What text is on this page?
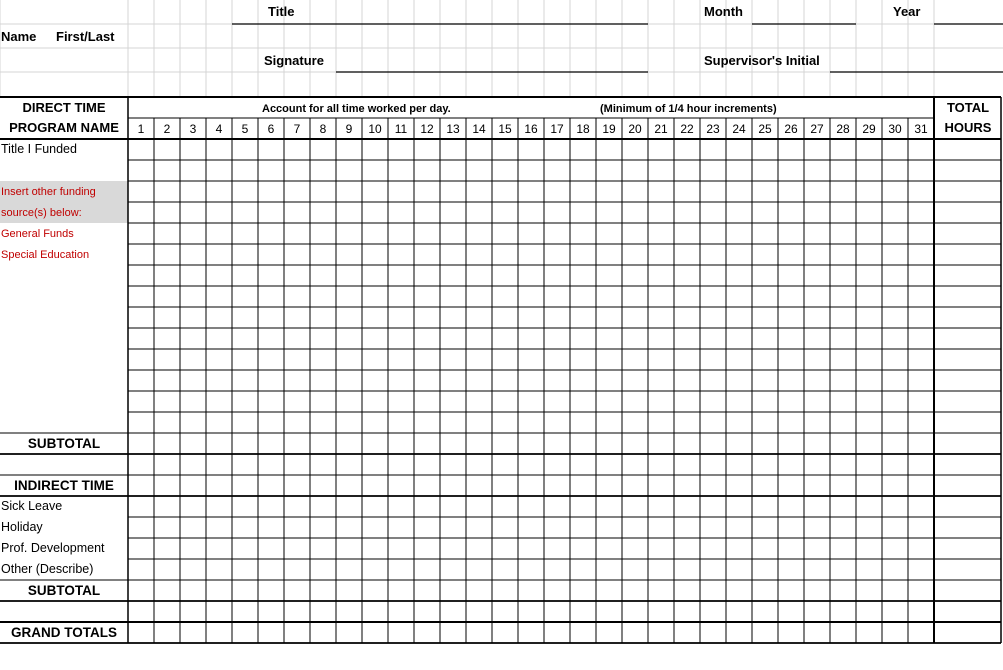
Title	Month	Year
Name First/Last
Signature	Supervisor's Initial
DIRECT TIME
PROGRAM NAME
Account for all time worked per day.	(Minimum of 1/4 hour increments)	TOTAL
HOURS
1 2 3 4 5 6 7 8 9 10 11 12 13 14 15 16 17 18 19 20 21 22 23 24 25 26 27 28 29 30 31
Title I Funded
Insert other funding
source(s) below:
General Funds
Special Education
SUBTOTAL
INDIRECT TIME
Sick Leave
Holiday
Prof. Development
Other (Describe)
SUBTOTAL
GRAND TOTALS
